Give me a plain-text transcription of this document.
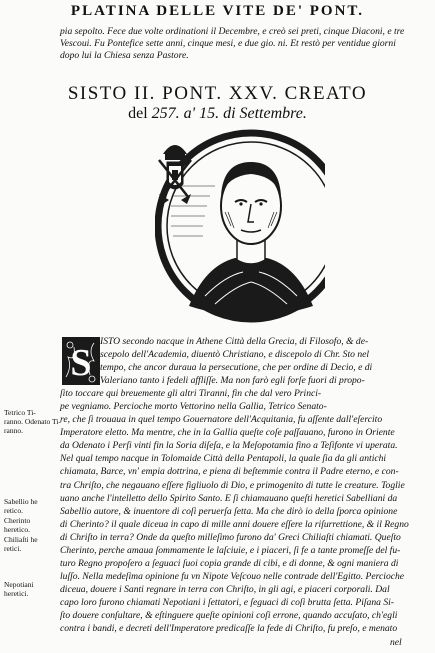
PLATINA DELLE VITE DE' PONT.
pia sepolto. Fece due volte ordinationi il Decembre, e creò sei preti, cinque Diaconi, e tre
Vescoui. Fu Pontefice sette anni, cinque mesi, e due gio. ni. Et restò per ventidue giorni
dopo lui la Chiesa senza Pastore.
SISTO II. PONT. XXV. CREATO
del 257. a' 15. di Settembre.
S
ISTO secondo nacque in Athene Città della Grecia, di Filosofo, & de-
scepolo dell'Academia, diuentò Christiano, e discepolo di Chr. Sto nel
tempo, che ancor duraua la persecutione, che per ordine di Decio, e di
Valeriano tanto i fedeli affliſſe. Ma non farò egli forſe fuori di propo-
ſito toccare qui breuemente gli altri Tiranni, fin che dal vero Princi-
pe vegniamo. Percioche morto Vettorino nella Gallia, Tetrico Senato-
re, che ſi trouaua in quel tempo Gouernatore dell'Acquitania, fu aſſente dall'eſercito
Imperatore eletto. Ma mentre, che in la Gallia queſte coſe paſſauano, furono in Oriente
da Odenato i Perſi vinti fin la Soria diſeſa, e la Meſopotamia fino a Teſifonte vi uperata.
Nel qual tempo nacque in Tolomaide Città della Pentapoli, la quale ſia da gli antichi
chiamata, Barce, vn' empia dottrina, e piena di beſtemmie contra il Padre eterno, e con-
tra Chriſto, che negauano eſſere figliuolo di Dio, e primogenito di tutte le creature. Toglie
uano anche l'intelletto dello Spirito Santo. E ſi chiamauano queſti heretici Sabelliani da
Sabellio autore, & inuentore di coſi peruerſa ſetta. Ma che dirò io della ſporca opinione
di Cherinto? il quale diceua in capo di mille anni douere eſſere la riſurrettione, & il Regno
di Chriſto in terra? Onde da queſto milleſimo furono da' Greci Chiliaſti chiamati. Queſto
Cherinto, perche amaua ſommamente le laſciuie, e i piaceri, ſi fe a tante promeſſe del fu-
turo Regno propoſero a ſeguaci ſuoi copia grande di cibi, e di donne, & ogni maniera di
luſſo. Nella medeſima opinione fu vn Nipote Veſcouo nelle contrade dell'Egitto. Percioche
diceua, douere i Santi regnare in terra con Chriſto, in gli agi, e piaceri corporali. Dal
capo loro furono chiamati Nepotiani i ſettatori, e ſeguaci di coſi brutta ſetta. Piſana Si-
ſto douere conſultare, & eſtinguere queſte opinioni coſi errone, quando accuſato, ch'egli
contra i bandi, e decreti dell'Imperatore predicaſſe la fede di Chriſto, fu preſo, e menato
Tetrico Ti-
ranno. Odenato Ti-
ranno.
Sabellio he
retico.
Cherinto
heretico.
Chiliaſti he
retici.
Nepotiani
heretici.
nel
